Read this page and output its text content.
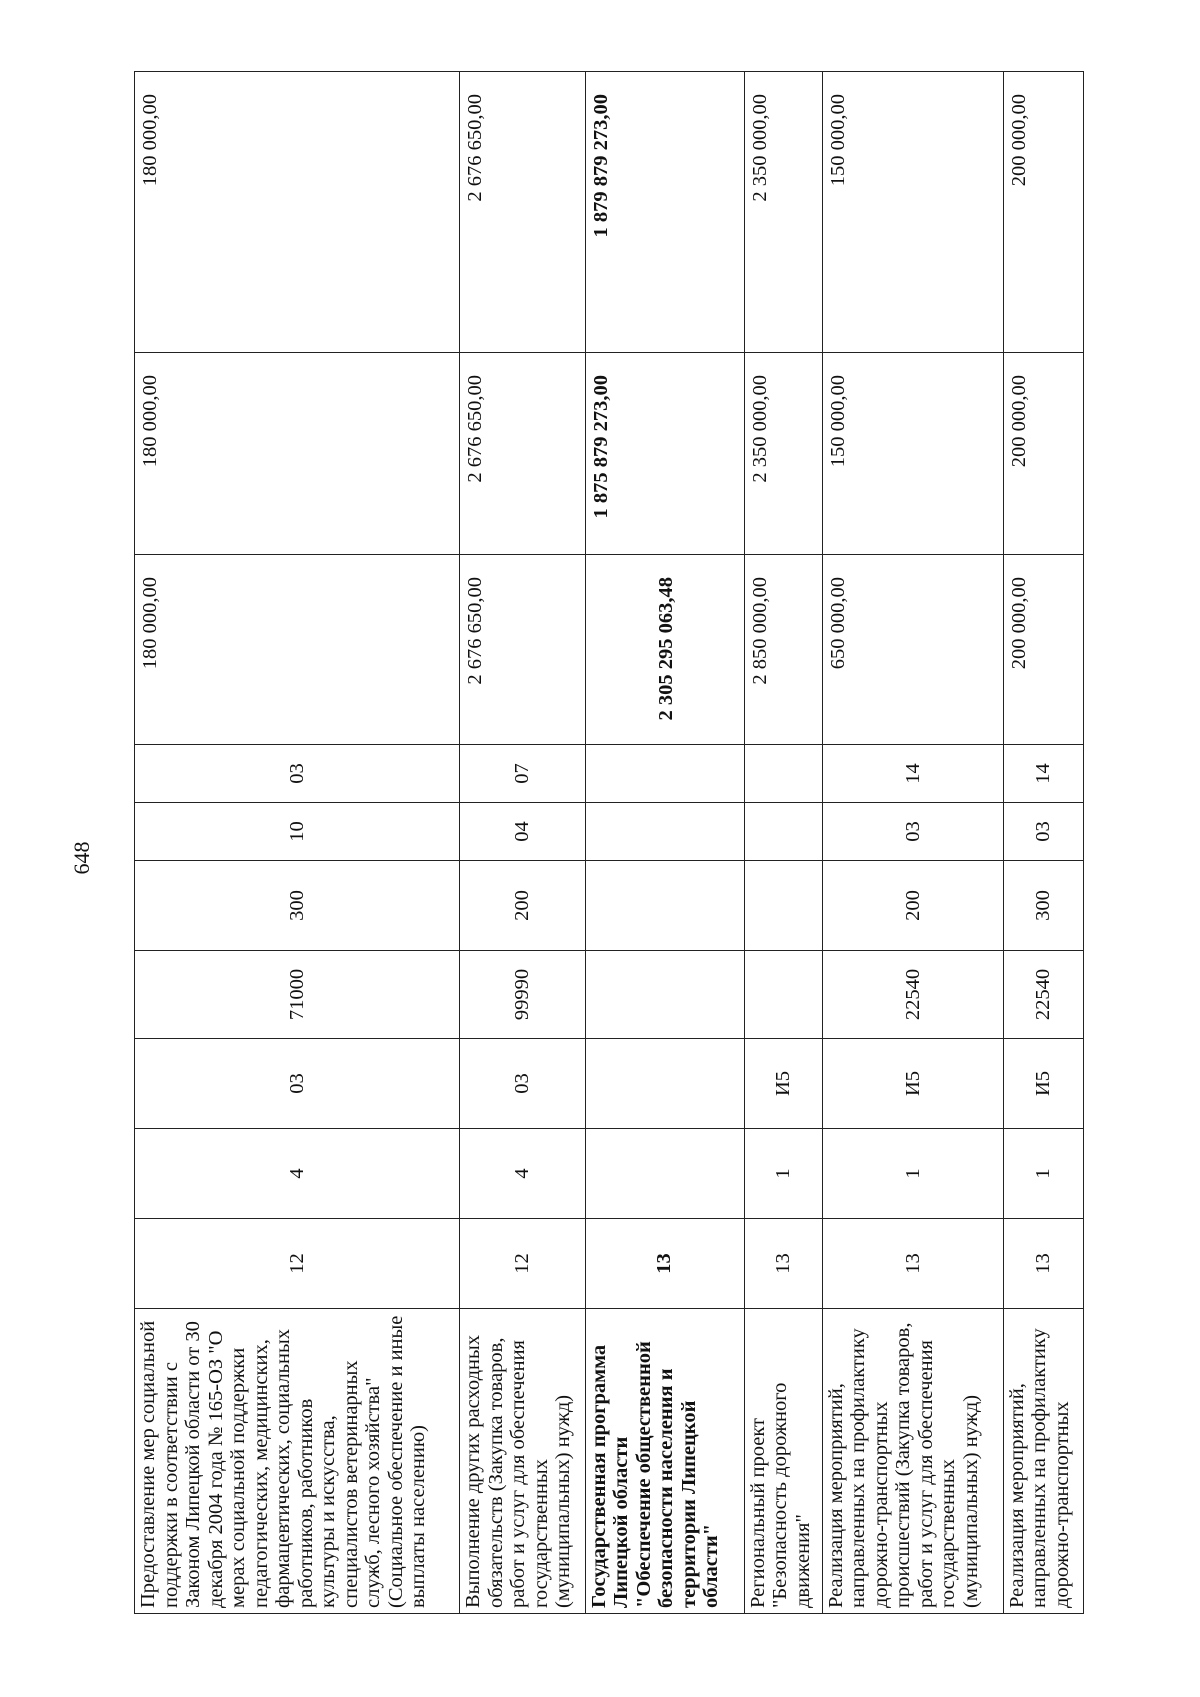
648
Предоставление мер социальной поддержки в соответствии с Законом Липецкой области от 30 декабря 2004 года № 165-ОЗ "О мерах социальной поддержки педагогических, медицинских, фармацевтических, социальных работников, работников культуры и искусства, специалистов ветеринарных служб, лесного хозяйства" (Социальное обеспечение и иные выплаты населению)	12	4	03	71000	300	10	03	180 000,00	180 000,00	180 000,00
Выполнение других расходных обязательств (Закупка товаров, работ и услуг для обеспечения государственных (муниципальных) нужд)	12	4	03	99990	200	04	07	2 676 650,00	2 676 650,00	2 676 650,00
Государственная программа Липецкой области "Обеспечение общественной безопасности населения и территории Липецкой области"	13							2 305 295 063,48	1 875 879 273,00	1 879 879 273,00
Региональный проект "Безопасность дорожного движения"	13	1	И5					2 850 000,00	2 350 000,00	2 350 000,00
Реализация мероприятий, направленных на профилактику дорожно-транспортных происшествий (Закупка товаров, работ и услуг для обеспечения государственных (муниципальных) нужд)	13	1	И5	22540	200	03	14	650 000,00	150 000,00	150 000,00
Реализация мероприятий, направленных на профилактику дорожно-транспортных	13	1	И5	22540	300	03	14	200 000,00	200 000,00	200 000,00
